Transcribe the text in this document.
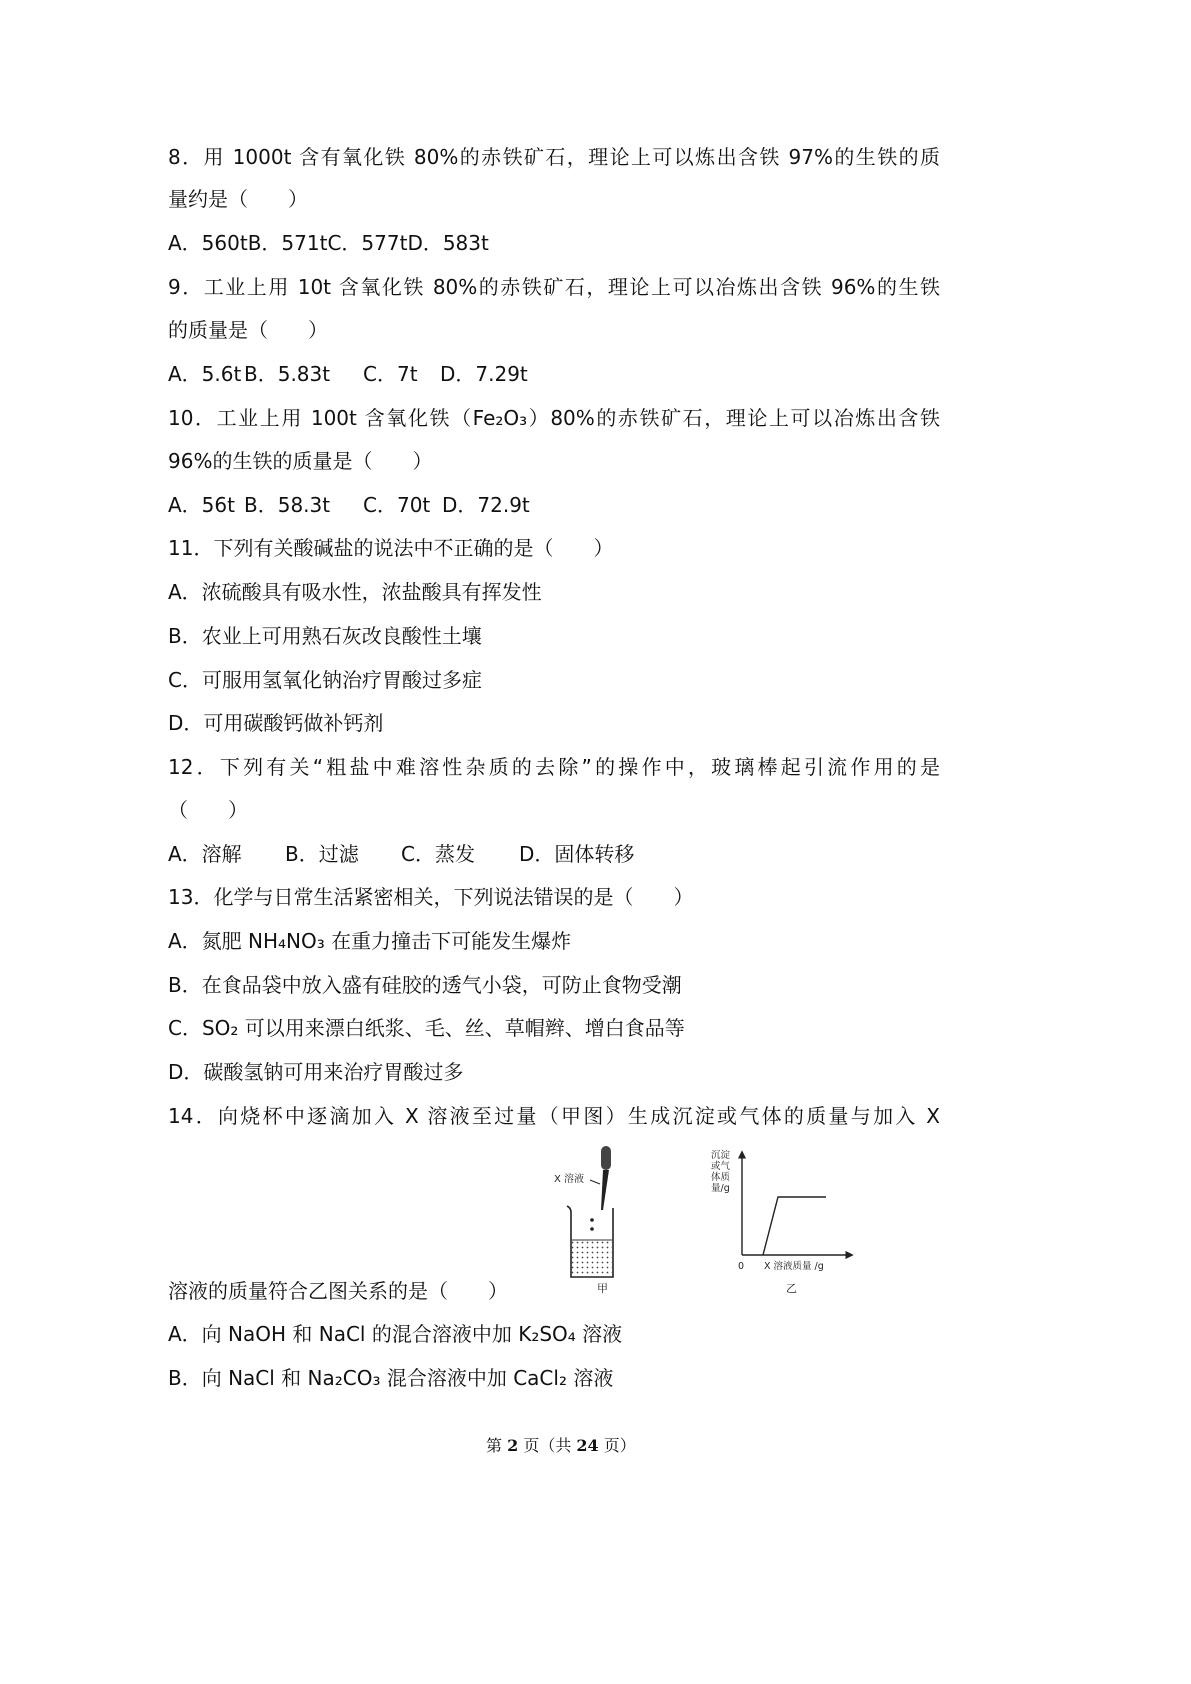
8．用 1000t 含有氧化铁 80%的赤铁矿石，理论上可以炼出含铁 97%的生铁的质
量约是（　　）
A．560tB．571tC．577tD．583t
9．工业上用 10t 含氧化铁 80%的赤铁矿石，理论上可以冶炼出含铁 96%的生铁
的质量是（　　）
A．5.6t B．5.83t C．7t D．7.29t
10．工业上用 100t 含氧化铁（Fe₂O₃）80%的赤铁矿石，理论上可以冶炼出含铁
96%的生铁的质量是（　　）
A．56t B．58.3t C．70t D．72.9t
11．下列有关酸碱盐的说法中不正确的是（　　）
A．浓硫酸具有吸水性，浓盐酸具有挥发性
B．农业上可用熟石灰改良酸性土壤
C．可服用氢氧化钠治疗胃酸过多症
D．可用碳酸钙做补钙剂
12．下列有关“粗盐中难溶性杂质的去除”的操作中，玻璃棒起引流作用的是
（　　）
A．溶解 B．过滤 C．蒸发 D．固体转移
13．化学与日常生活紧密相关，下列说法错误的是（　　）
A．氮肥 NH₄NO₃ 在重力撞击下可能发生爆炸
B．在食品袋中放入盛有硅胶的透气小袋，可防止食物受潮
C．SO₂ 可以用来漂白纸浆、毛、丝、草帽辫、增白食品等
D．碳酸氢钠可用来治疗胃酸过多
14．向烧杯中逐滴加入 X 溶液至过量（甲图）生成沉淀或气体的质量与加入 X
X 溶液
甲
沉淀
或气
体质
量/g
0 X 溶液质量 /g
乙
溶液的质量符合乙图关系的是（　　）
A．向 NaOH 和 NaCl 的混合溶液中加 K₂SO₄ 溶液
B．向 NaCl 和 Na₂CO₃ 混合溶液中加 CaCl₂ 溶液
第 2 页（共 24 页）
